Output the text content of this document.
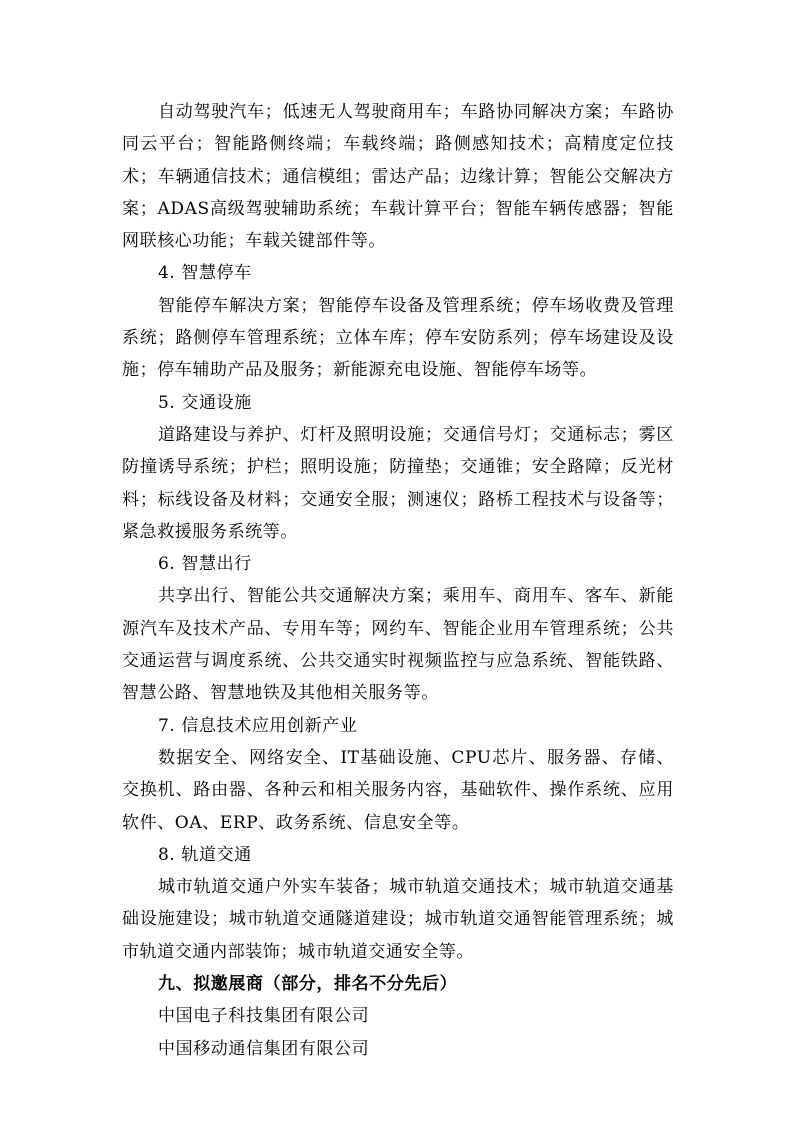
自动驾驶汽车；低速无人驾驶商用车；车路协同解决方案；车路协同云平台；智能路侧终端；车载终端；路侧感知技术；高精度定位技术；车辆通信技术；通信模组；雷达产品；边缘计算；智能公交解决方案；ADAS高级驾驶辅助系统；车载计算平台；智能车辆传感器；智能网联核心功能；车载关键部件等。

4. 智慧停车

智能停车解决方案；智能停车设备及管理系统；停车场收费及管理系统；路侧停车管理系统；立体车库；停车安防系列；停车场建设及设施；停车辅助产品及服务；新能源充电设施、智能停车场等。

5. 交通设施

道路建设与养护、灯杆及照明设施；交通信号灯；交通标志；雾区防撞诱导系统；护栏；照明设施；防撞垫；交通锥；安全路障；反光材料；标线设备及材料；交通安全服；测速仪；路桥工程技术与设备等；紧急救援服务系统等。

6. 智慧出行

共享出行、智能公共交通解决方案；乘用车、商用车、客车、新能源汽车及技术产品、专用车等；网约车、智能企业用车管理系统；公共交通运营与调度系统、公共交通实时视频监控与应急系统、智能铁路、智慧公路、智慧地铁及其他相关服务等。

7. 信息技术应用创新产业

数据安全、网络安全、IT基础设施、CPU芯片、服务器、存储、交换机、路由器、各种云和相关服务内容，基础软件、操作系统、应用软件、OA、ERP、政务系统、信息安全等。

8. 轨道交通

城市轨道交通户外实车装备；城市轨道交通技术；城市轨道交通基础设施建设；城市轨道交通隧道建设；城市轨道交通智能管理系统；城市轨道交通内部装饰；城市轨道交通安全等。

九、拟邀展商（部分，排名不分先后）

中国电子科技集团有限公司

中国移动通信集团有限公司
